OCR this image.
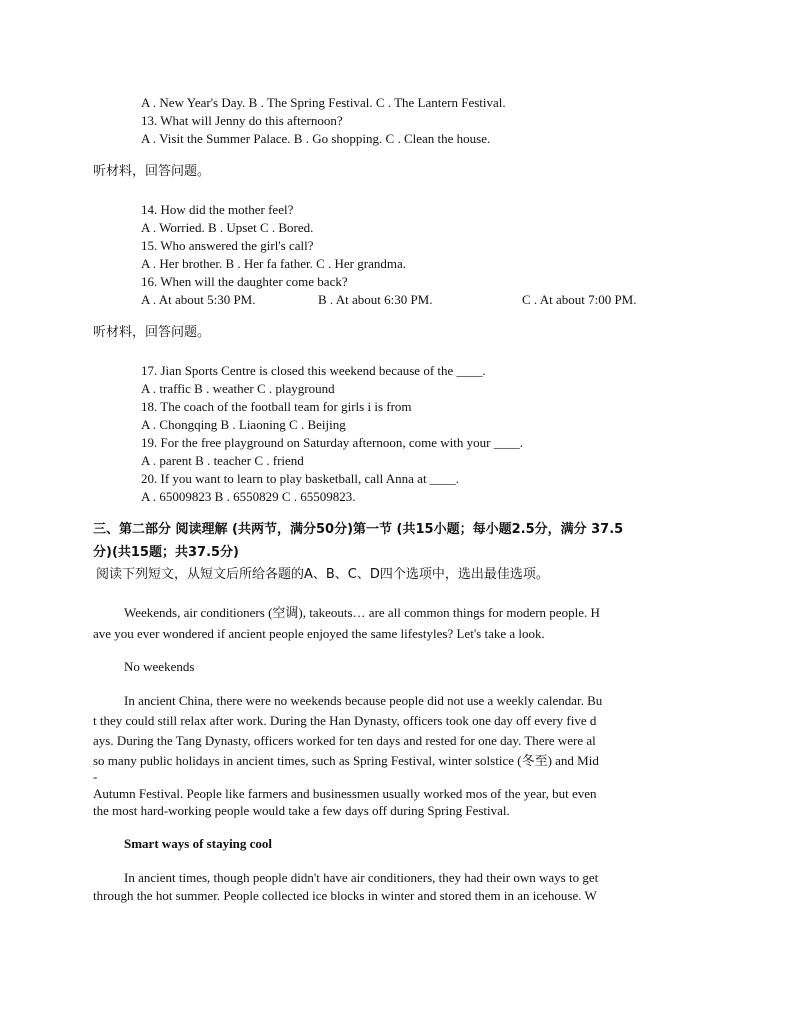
A . New Year's Day. B . The Spring Festival. C . The Lantern Festival.
13. What will Jenny do this afternoon?
A . Visit the Summer Palace. B . Go shopping. C . Clean the house.
听材料，回答问题。
14. How did the mother feel?
A . Worried. B . Upset C . Bored.
15. Who answered the girl's call?
A . Her brother. B . Her fa father. C . Her grandma.
16. When will the daughter come back?
A . At about 5:30 PM.	B . At about 6:30 PM.	C . At about 7:00 PM.
听材料，回答问题。
17. Jian Sports Centre is closed this weekend because of the ____.
A . traffic B . weather C . playground
18. The coach of the football team for girls i is from
A . Chongqing B . Liaoning C . Beijing
19. For the free playground on Saturday afternoon, come with your ____.
A . parent B . teacher C . friend
20. If you want to learn to play basketball, call Anna at ____.
A . 65009823 B . 6550829 C . 65509823.
三、第二部分 阅读理解 (共两节，满分50分)第一节 (共15小题；每小题2.5分，满分 37.5
分)(共15题；共37.5分)
阅读下列短文，从短文后所给各题的A、B、C、D四个选项中，选出最佳选项。
Weekends, air conditioners (空调), takeouts… are all common things for modern people. H
ave you ever wondered if ancient people enjoyed the same lifestyles? Let's take a look.
No weekends
In ancient China, there were no weekends because people did not use a weekly calendar. Bu
t they could still relax after work. During the Han Dynasty, officers took one day off every five d
ays. During the Tang Dynasty, officers worked for ten days and rested for one day. There were al
so many public holidays in ancient times, such as Spring Festival, winter solstice (冬至) and Mid
-
Autumn Festival. People like farmers and businessmen usually worked mos of the year, but even
the most hard-working people would take a few days off during Spring Festival.
Smart ways of staying cool
In ancient times, though people didn't have air conditioners, they had their own ways to get
through the hot summer. People collected ice blocks in winter and stored them in an icehouse. W
